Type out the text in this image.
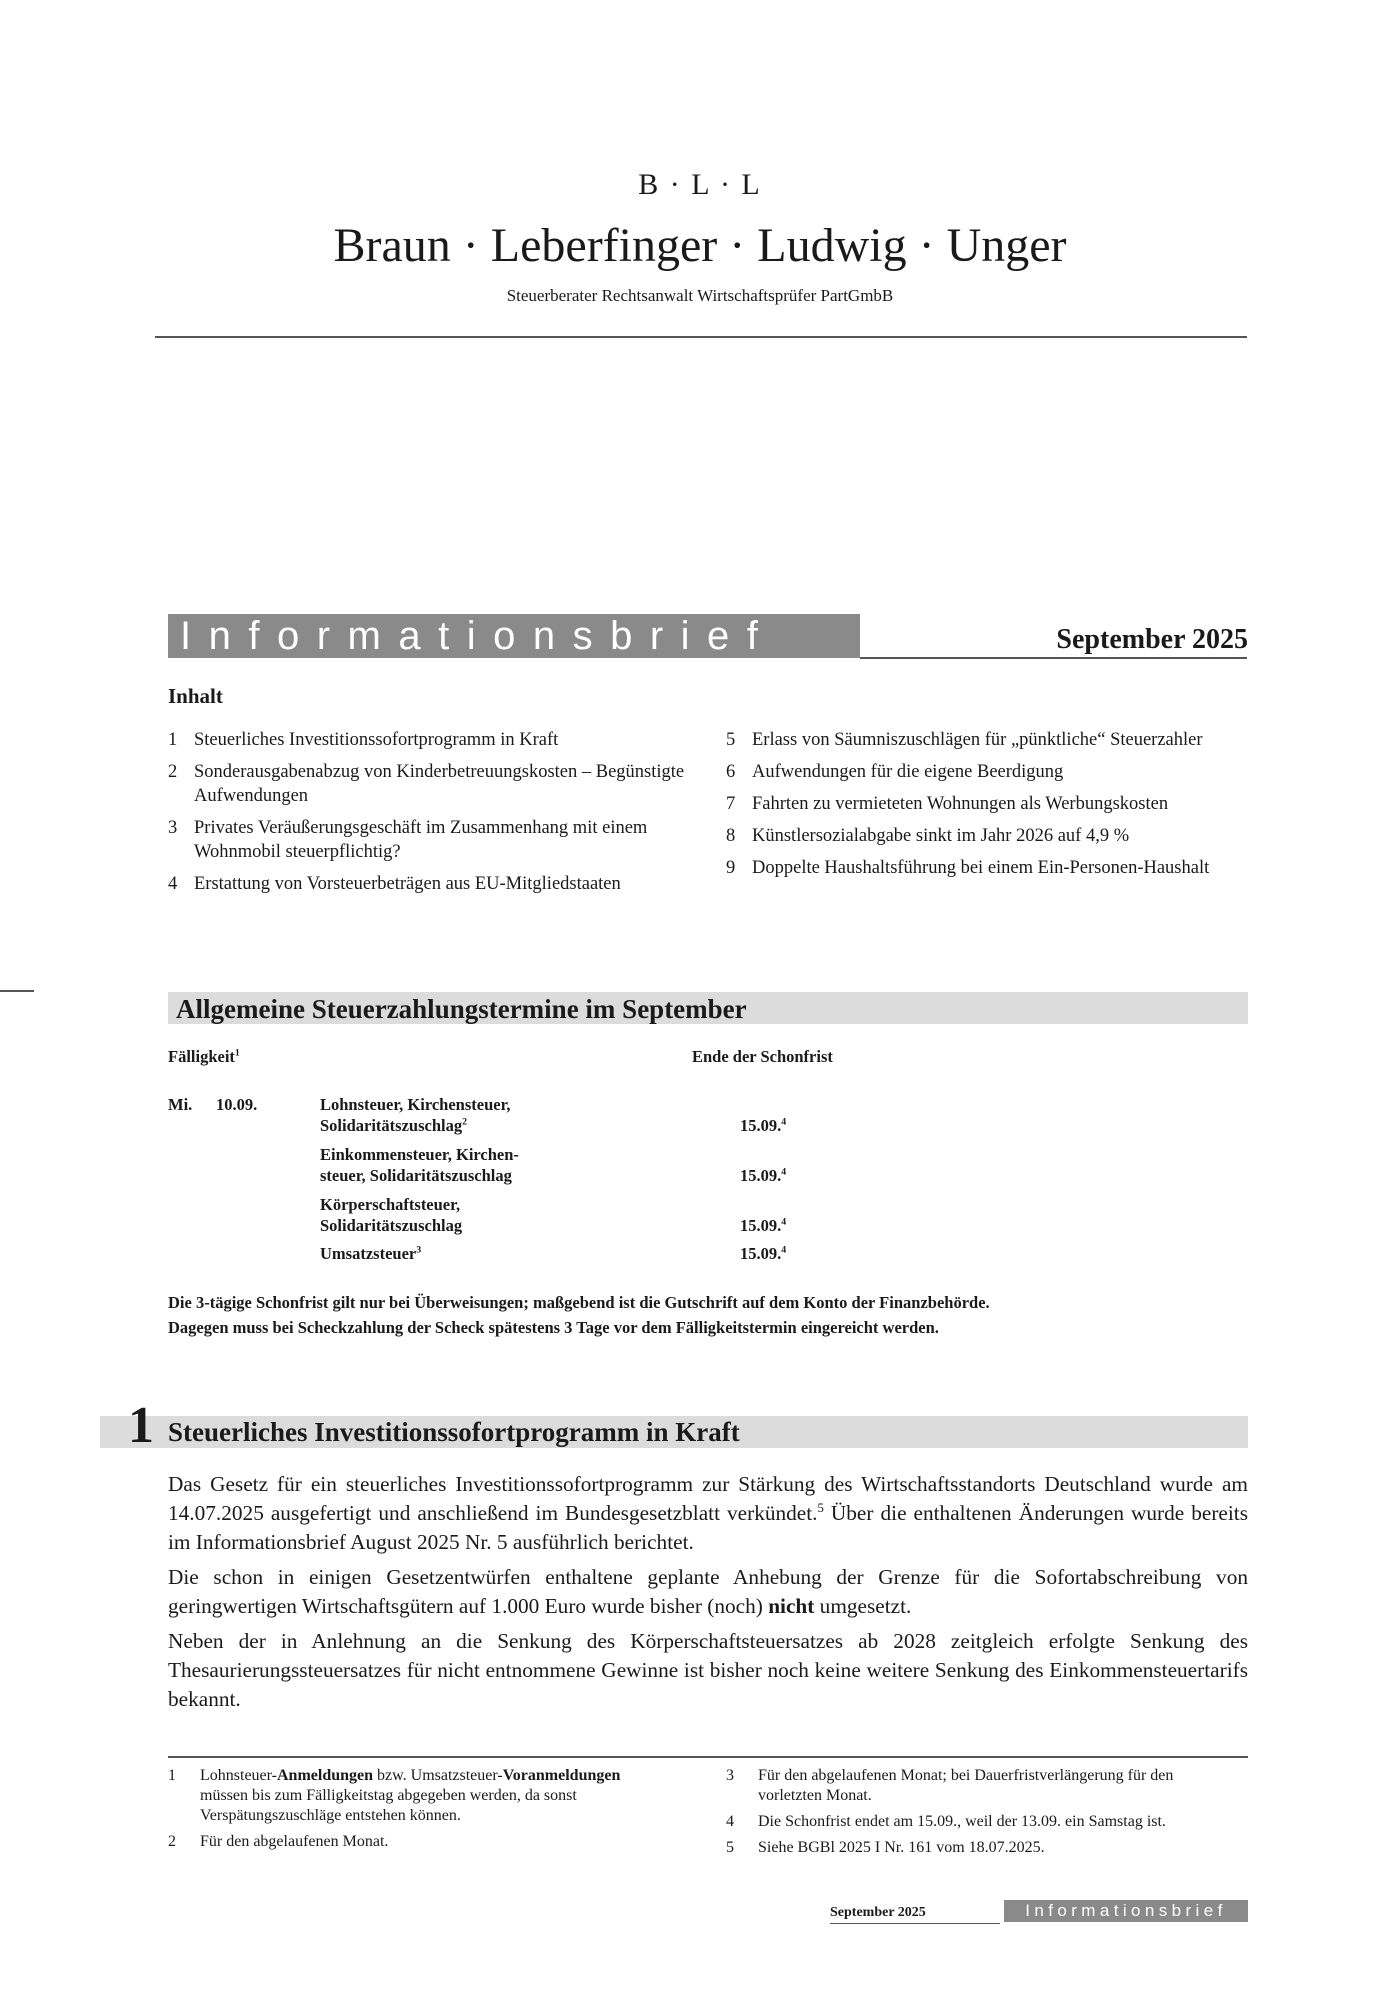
B · L · L
Braun · Leberfinger · Ludwig · Unger
Steuerberater Rechtsanwalt Wirtschaftsprüfer PartGmbB
Informationsbrief	September 2025
Inhalt
1 Steuerliches Investitionssofortprogramm in Kraft
2 Sonderausgabenabzug von Kinderbetreuungskosten – Begünstigte Aufwendungen
3 Privates Veräußerungsgeschäft im Zusammenhang mit einem Wohnmobil steuerpflichtig?
4 Erstattung von Vorsteuerbeträgen aus EU-Mitgliedstaaten
5 Erlass von Säumniszuschlägen für „pünktliche“ Steuerzahler
6 Aufwendungen für die eigene Beerdigung
7 Fahrten zu vermieteten Wohnungen als Werbungskosten
8 Künstlersozialabgabe sinkt im Jahr 2026 auf 4,9 %
9 Doppelte Haushaltsführung bei einem Ein-Personen-Haushalt
Allgemeine Steuerzahlungstermine im September
Fälligkeit$^1$	Ende der Schonfrist
Mi. 10.09.	Lohnsteuer, Kirchensteuer,
Solidaritätszuschlag$^2$	15.09.$^4$
Einkommensteuer, Kirchen-
steuer, Solidaritätszuschlag	15.09.$^4$
Körperschaftsteuer,
Solidaritätszuschlag	15.09.$^4$
Umsatzsteuer$^3$	15.09.$^4$
Die 3-tägige Schonfrist gilt nur bei Überweisungen; maßgebend ist die Gutschrift auf dem Konto der Finanzbehörde.
Dagegen muss bei Scheckzahlung der Scheck spätestens 3 Tage vor dem Fälligkeitstermin eingereicht werden.
1 Steuerliches Investitionssofortprogramm in Kraft

Das Gesetz für ein steuerliches Investitionssofortprogramm zur Stärkung des Wirtschaftsstandorts Deutschland wurde am 14.07.2025 ausgefertigt und anschließend im Bundesgesetzblatt verkündet.$^5$ Über die enthaltenen Änderungen wurde bereits im Informationsbrief August 2025 Nr. 5 ausführlich berichtet.

Die schon in einigen Gesetzentwürfen enthaltene geplante Anhebung der Grenze für die Sofortabschreibung von geringwertigen Wirtschaftsgütern auf 1.000 Euro wurde bisher (noch) nicht umgesetzt.

Neben der in Anlehnung an die Senkung des Körperschaftsteuersatzes ab 2028 zeitgleich erfolgte Senkung des Thesaurierungssteuersatzes für nicht entnommene Gewinne ist bisher noch keine weitere Senkung des Einkommensteuertarifs bekannt.

1	Lohnsteuer-Anmeldungen bzw. Umsatzsteuer-Voranmeldungen müssen bis zum Fälligkeitstag abgegeben werden, da sonst Verspätungszuschläge entstehen können.
2	Für den abgelaufenen Monat.
3	Für den abgelaufenen Monat; bei Dauerfristverlängerung für den vorletzten Monat.
4	Die Schonfrist endet am 15.09., weil der 13.09. ein Samstag ist.
5	Siehe BGBl 2025 I Nr. 161 vom 18.07.2025.
September 2025	Informationsbrief
